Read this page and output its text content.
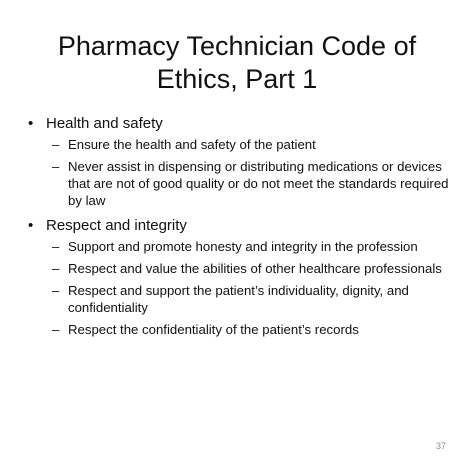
Pharmacy Technician Code of
Ethics, Part 1
• Health and safety
– Ensure the health and safety of the patient
– Never assist in dispensing or distributing medications or devices that are not of good quality or do not meet the standards required by law
• Respect and integrity
– Support and promote honesty and integrity in the profession
– Respect and value the abilities of other healthcare professionals
– Respect and support the patient’s individuality, dignity, and confidentiality
– Respect the confidentiality of the patient’s records
37
